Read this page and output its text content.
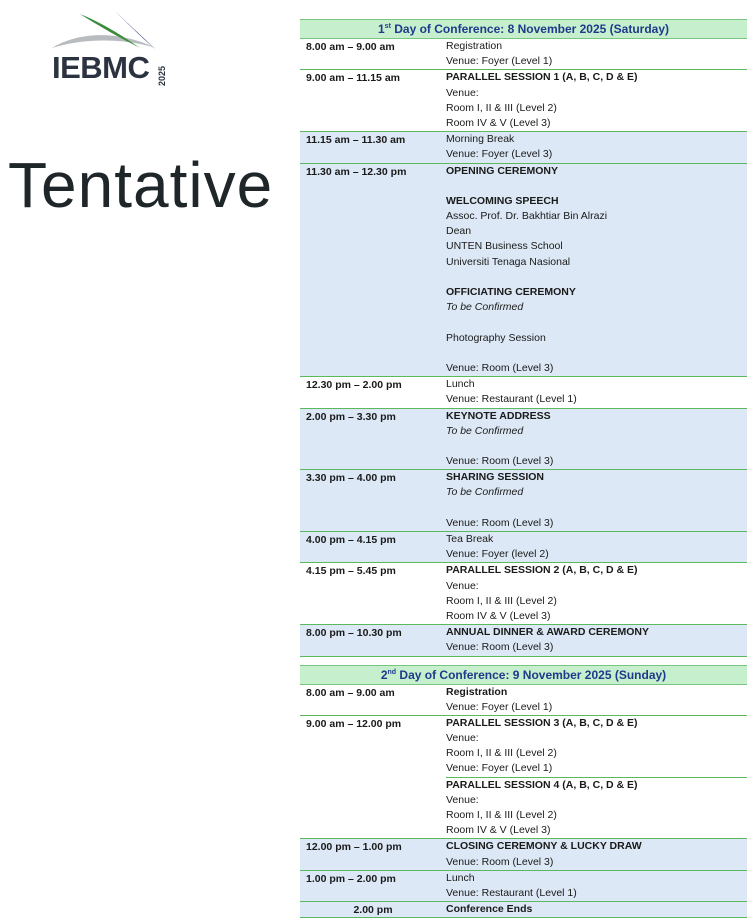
IEBMC 2025
Tentative
1st Day of Conference: 8 November 2025 (Saturday)
8.00 am – 9.00 am	Registration
Venue: Foyer (Level 1)
9.00 am – 11.15 am	PARALLEL SESSION 1 (A, B, C, D & E)
Venue:
Room I, II & III (Level 2)
Room IV & V (Level 3)
11.15 am – 11.30 am	Morning Break
Venue: Foyer (Level 3)
11.30 am – 12.30 pm	OPENING CEREMONY
WELCOMING SPEECH
Assoc. Prof. Dr. Bakhtiar Bin Alrazi
Dean
UNTEN Business School
Universiti Tenaga Nasional
OFFICIATING CEREMONY
To be Confirmed
Photography Session
Venue: Room (Level 3)
12.30 pm – 2.00 pm	Lunch
Venue: Restaurant (Level 1)
2.00 pm – 3.30 pm	KEYNOTE ADDRESS
To be Confirmed
Venue: Room (Level 3)
3.30 pm – 4.00 pm	SHARING SESSION
To be Confirmed
Venue: Room (Level 3)
4.00 pm – 4.15 pm	Tea Break
Venue: Foyer (level 2)
4.15 pm – 5.45 pm	PARALLEL SESSION 2 (A, B, C, D & E)
Venue:
Room I, II & III (Level 2)
Room IV & V (Level 3)
8.00 pm – 10.30 pm	ANNUAL DINNER & AWARD CEREMONY
Venue: Room (Level 3)
2nd Day of Conference: 9 November 2025 (Sunday)
8.00 am – 9.00 am	Registration
Venue: Foyer (Level 1)
9.00 am – 12.00 pm	PARALLEL SESSION 3 (A, B, C, D & E)
Venue:
Room I, II & III (Level 2)
Venue: Foyer (Level 1)
PARALLEL SESSION 4 (A, B, C, D & E)
Venue:
Room I, II & III (Level 2)
Room IV & V (Level 3)
12.00 pm – 1.00 pm	CLOSING CEREMONY & LUCKY DRAW
Venue: Room (Level 3)
1.00 pm – 2.00 pm	Lunch
Venue: Restaurant (Level 1)
2.00 pm	Conference Ends
